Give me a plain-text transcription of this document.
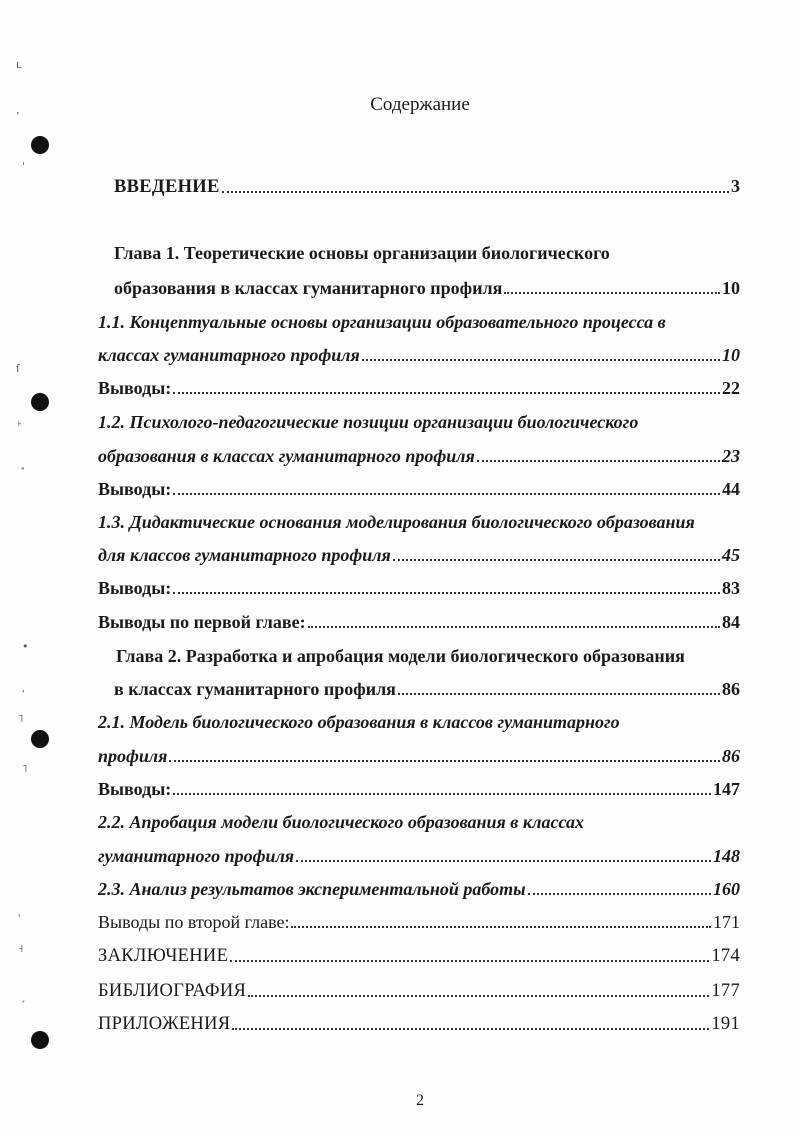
ʟ
ʼ
ˈ
ſ
˫
˟
•
ʾ
˥
˥
ʿ
˧
ˏ
Содержание
ВВЕДЕНИЕ	3
Глава 1. Теоретические основы организации биологического
образования в классах гуманитарного профиля	10
1.1. Концептуальные основы организации образовательного процесса в
классах гуманитарного профиля	10
Выводы:	22
1.2. Психолого-педагогические позиции организации биологического
образования в классах гуманитарного профиля	23
Выводы:	44
1.3. Дидактические основания моделирования биологического образования
для классов гуманитарного профиля	45
Выводы:	83
Выводы по первой главе:	84
Глава 2. Разработка и апробация модели биологического образования
в классах гуманитарного профиля	86
2.1. Модель биологического образования в классов гуманитарного
профиля	86
Выводы:	147
2.2. Апробация модели биологического образования в классах
гуманитарного профиля	148
2.3. Анализ результатов экспериментальной работы	160
Выводы по второй главе:	171
ЗАКЛЮЧЕНИЕ	174
БИБЛИОГРАФИЯ	177
ПРИЛОЖЕНИЯ	191
2
